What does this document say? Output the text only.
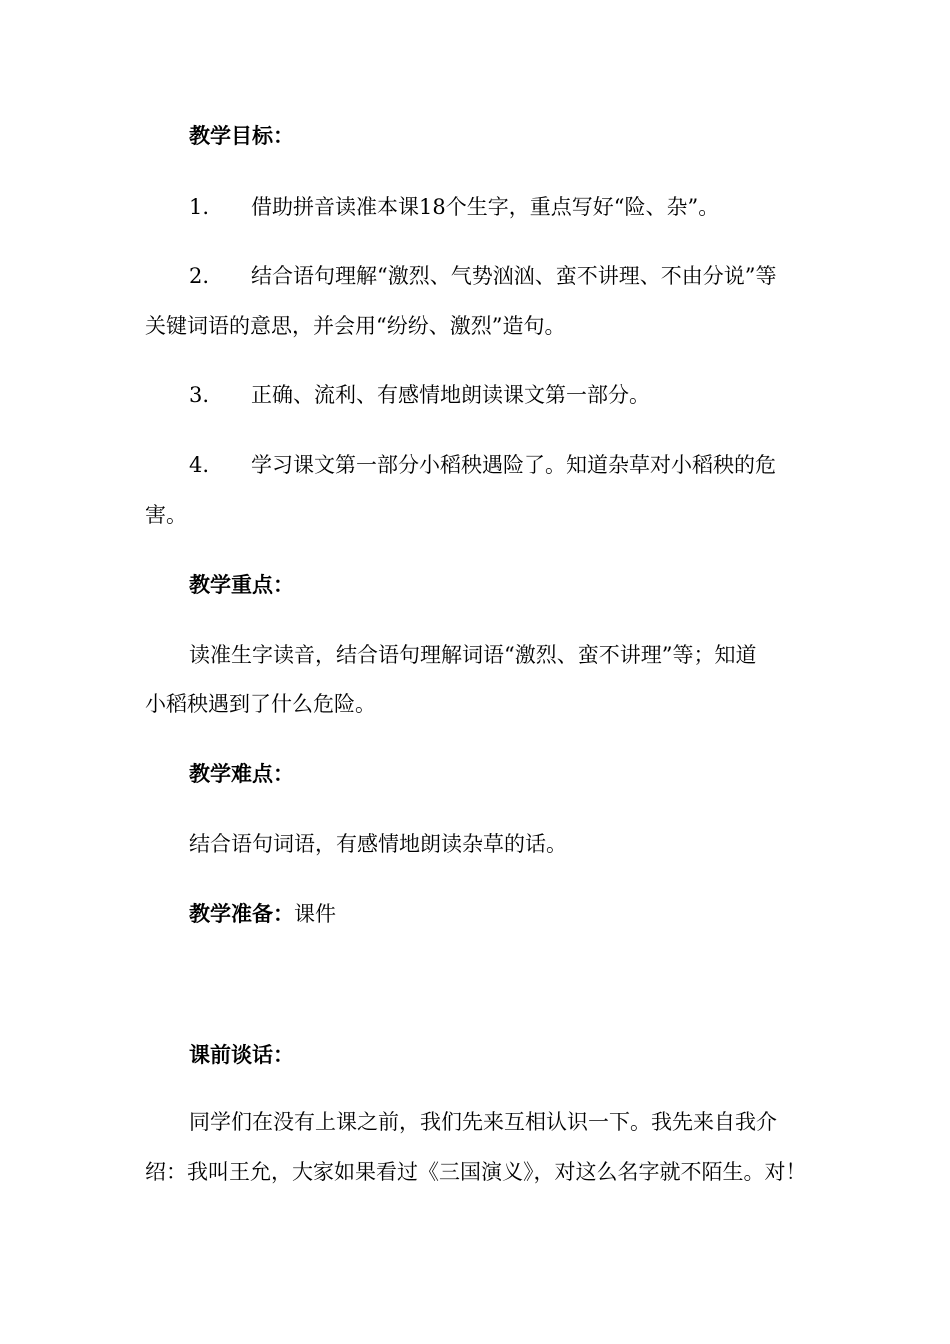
教学目标：
1. 借助拼音读准本课18个生字，重点写好“险、杂”。
2. 结合语句理解“激烈、气势汹汹、蛮不讲理、不由分说”等
关键词语的意思，并会用“纷纷、激烈”造句。
3. 正确、流利、有感情地朗读课文第一部分。
4. 学习课文第一部分小稻秧遇险了。知道杂草对小稻秧的危
害。
教学重点：
读准生字读音，结合语句理解词语“激烈、蛮不讲理”等；知道
小稻秧遇到了什么危险。
教学难点：
结合语句词语，有感情地朗读杂草的话。
教学准备：课件
课前谈话：
同学们在没有上课之前，我们先来互相认识一下。我先来自我介
绍：我叫王允，大家如果看过《三国演义》，对这么名字就不陌生。对！
